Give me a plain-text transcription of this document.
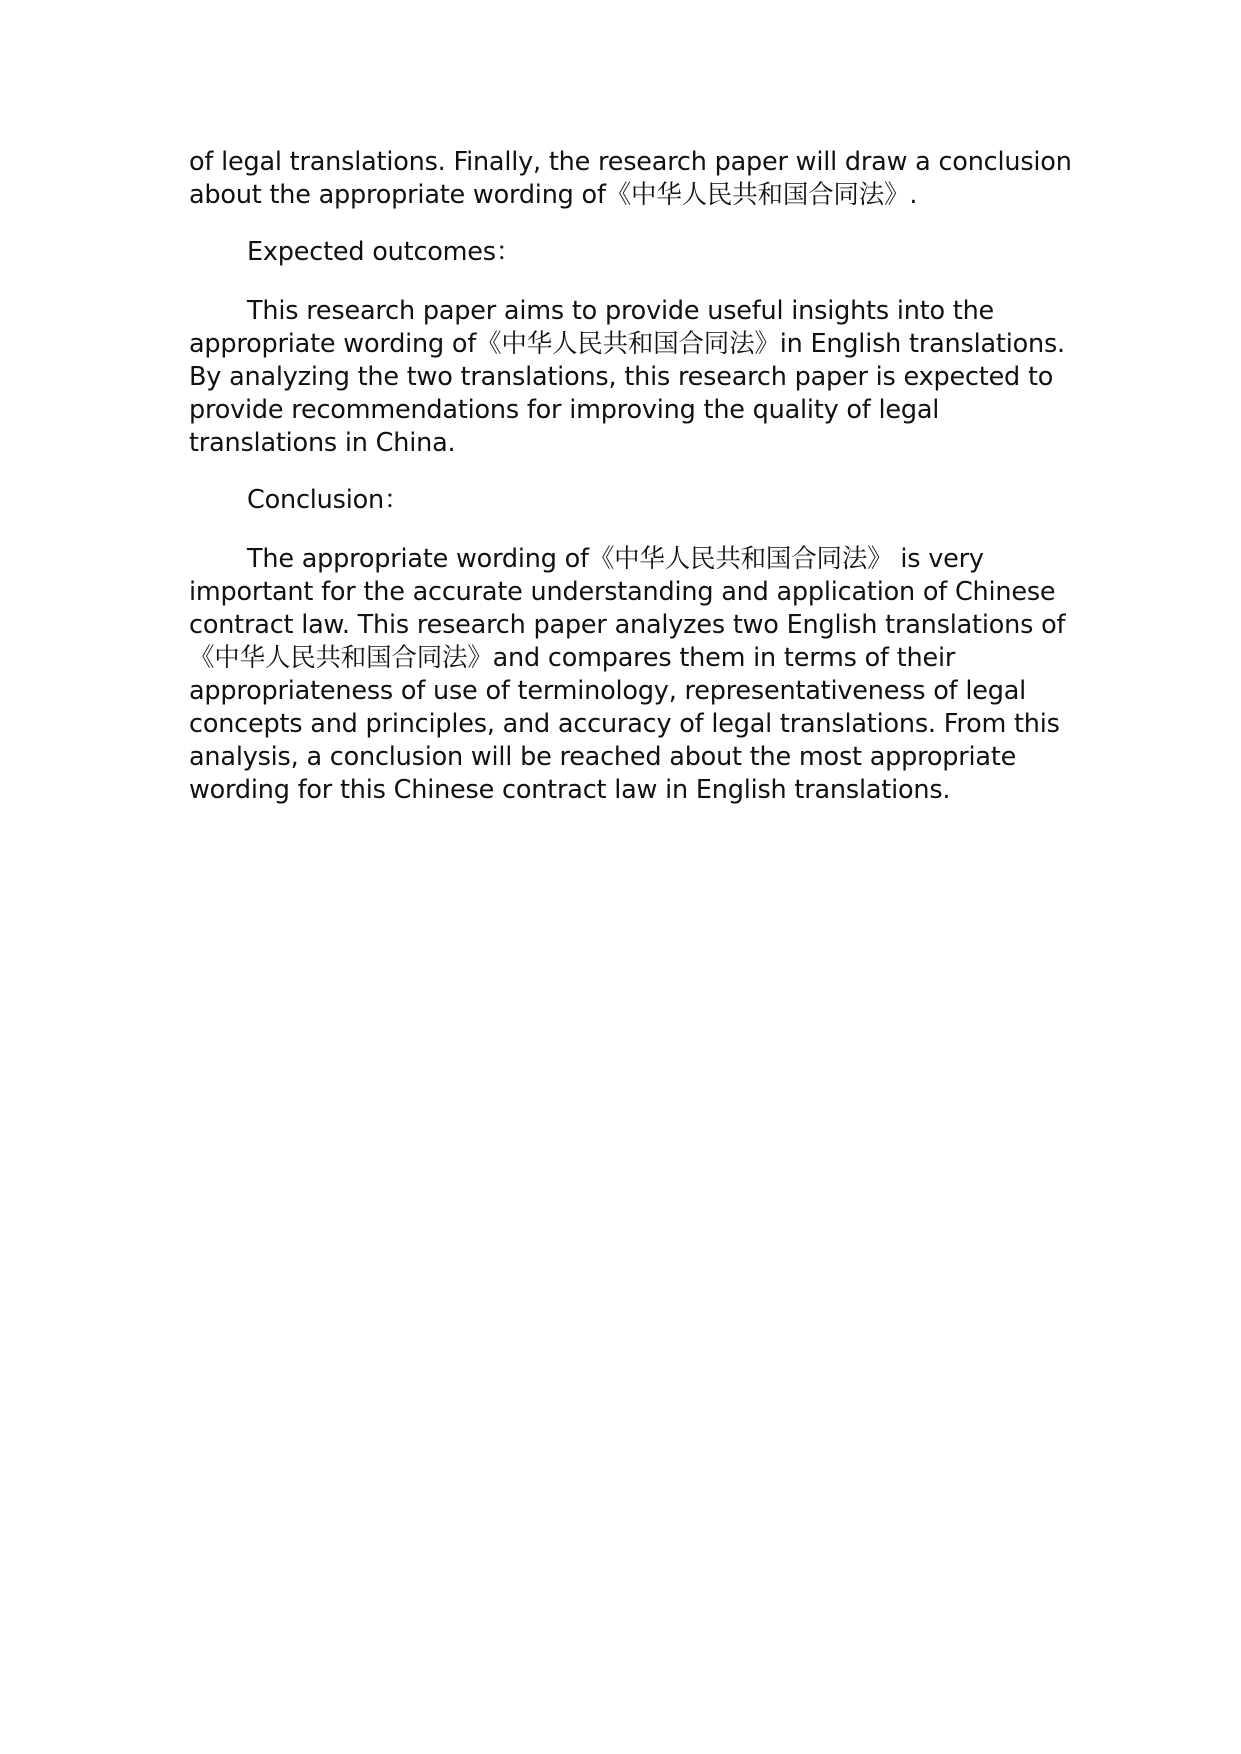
of legal translations. Finally, the research paper will draw a conclusion about the appropriate wording of《中华人民共和国合同法》.

Expected outcomes：

This research paper aims to provide useful insights into the appropriate wording of《中华人民共和国合同法》in English translations. By analyzing the two translations, this research paper is expected to provide recommendations for improving the quality of legal translations in China.

Conclusion：

The appropriate wording of《中华人民共和国合同法》 is very important for the accurate understanding and application of Chinese contract law. This research paper analyzes two English translations of《中华人民共和国合同法》and compares them in terms of their appropriateness of use of terminology, representativeness of legal concepts and principles, and accuracy of legal translations. From this analysis, a conclusion will be reached about the most appropriate wording for this Chinese contract law in English translations.
